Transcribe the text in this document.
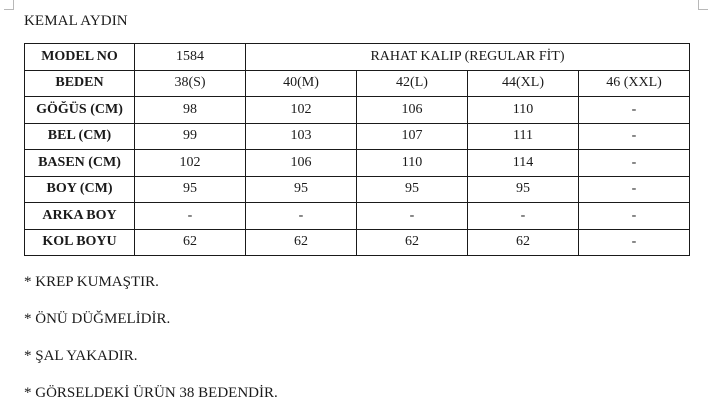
KEMAL AYDIN
MODEL NO	1584	RAHAT KALIP (REGULAR FİT)			
BEDEN	38(S)	40(M)	42(L)	44(XL)	46 (XXL)
GÖĞÜS (CM)	98	102	106	110	-
BEL (CM)	99	103	107	111	-
BASEN (CM)	102	106	110	114	-
BOY (CM)	95	95	95	95	-
ARKA BOY	-	-	-	-	-
KOL BOYU	62	62	62	62	-
* KREP KUMAŞTIR.
* ÖNÜ DÜĞMELİDİR.
* ŞAL YAKADIR.
* GÖRSELDEKİ ÜRÜN 38 BEDENDİR.
